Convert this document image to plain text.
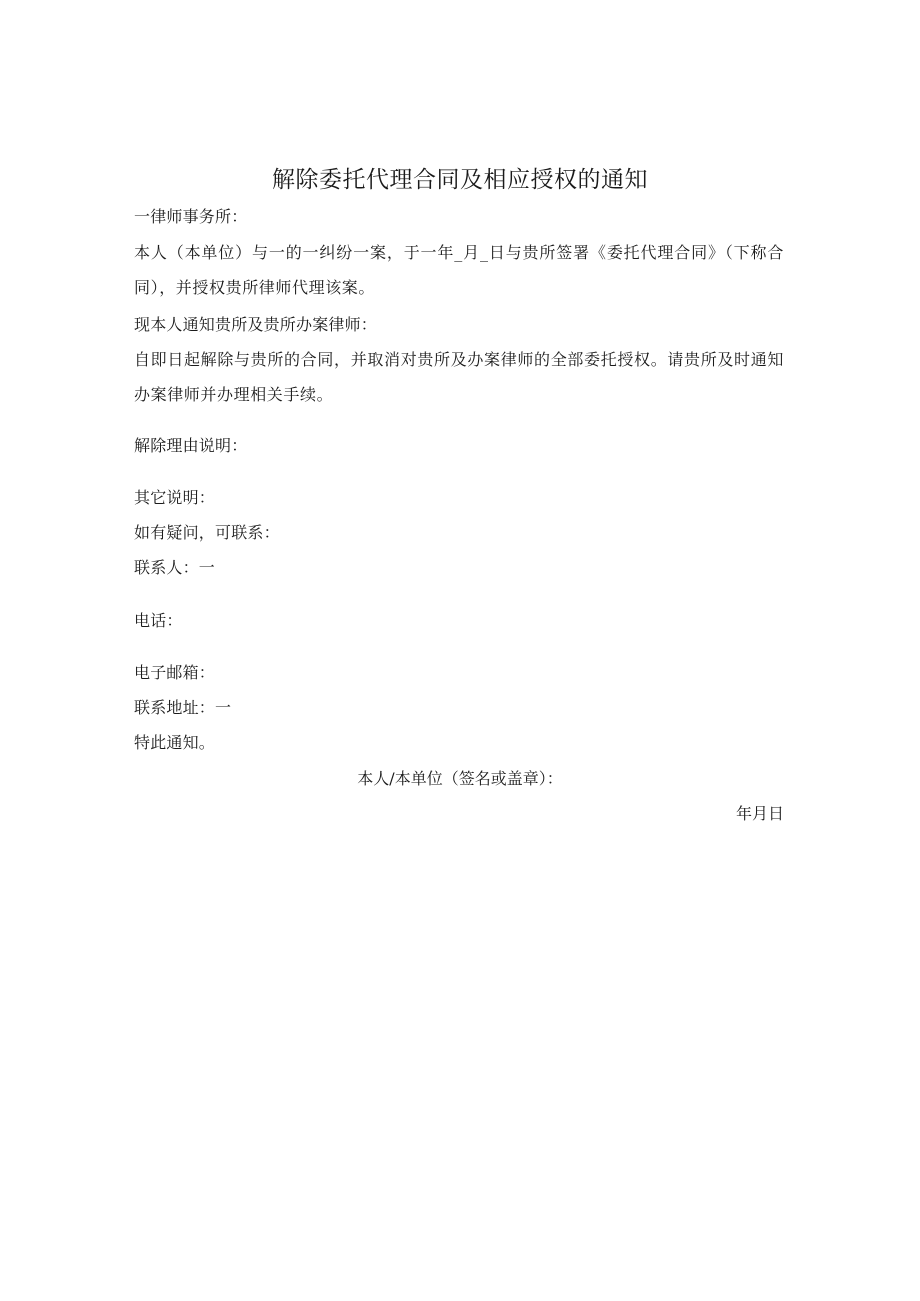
解除委托代理合同及相应授权的通知
一律师事务所：
本人（本单位）与一的一纠纷一案，于一年_月_日与贵所签署《委托代理合同》（下称合同），并授权贵所律师代理该案。
现本人通知贵所及贵所办案律师：
自即日起解除与贵所的合同，并取消对贵所及办案律师的全部委托授权。请贵所及时通知办案律师并办理相关手续。
解除理由说明：
其它说明：
如有疑问，可联系：
联系人：一
电话：
电子邮箱：
联系地址：一
特此通知。
本人/本单位（签名或盖章）：
年月日
